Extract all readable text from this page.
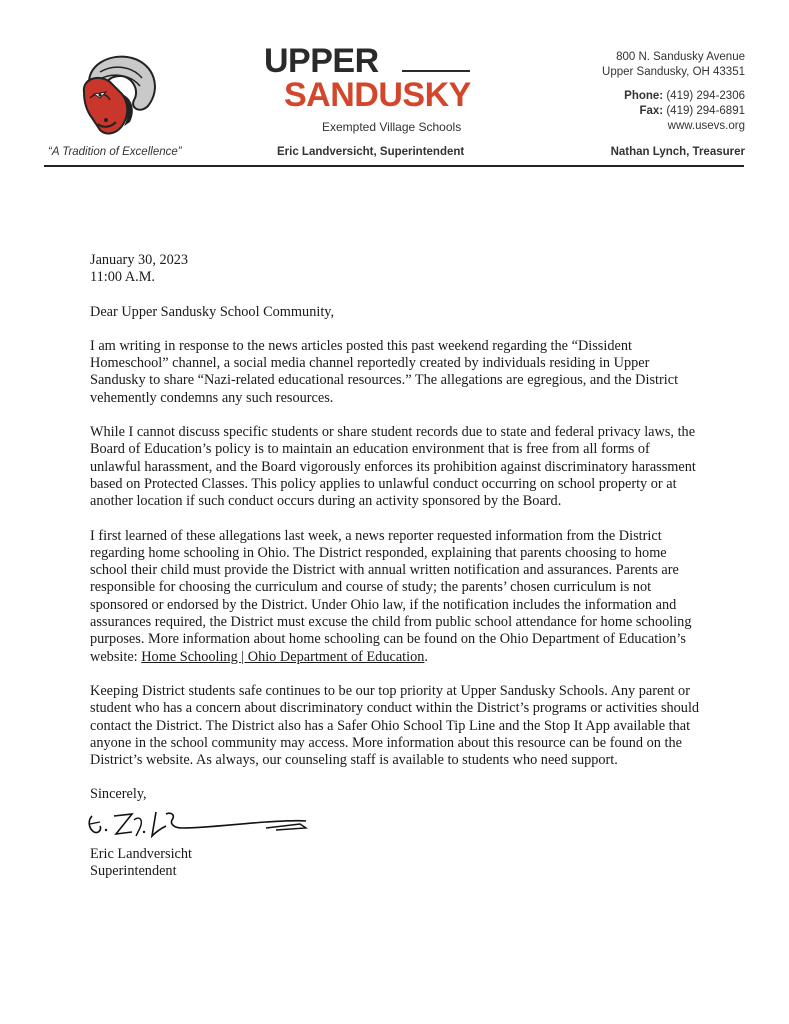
UPPER
SANDUSKY
Exempted Village Schools
800 N. Sandusky Avenue
Upper Sandusky, OH 43351
Phone: (419) 294-2306
Fax: (419) 294-6891
www.usevs.org
“A Tradition of Excellence”	Eric Landversicht, Superintendent	Nathan Lynch, Treasurer

January 30, 2023
11:00 A.M.

Dear Upper Sandusky School Community,

I am writing in response to the news articles posted this past weekend regarding the “Dissident Homeschool” channel, a social media channel reportedly created by individuals residing in Upper Sandusky to share “Nazi-related educational resources.” The allegations are egregious, and the District vehemently condemns any such resources.

While I cannot discuss specific students or share student records due to state and federal privacy laws, the Board of Education’s policy is to maintain an education environment that is free from all forms of unlawful harassment, and the Board vigorously enforces its prohibition against discriminatory harassment based on Protected Classes. This policy applies to unlawful conduct occurring on school property or at another location if such conduct occurs during an activity sponsored by the Board.

I first learned of these allegations last week, a news reporter requested information from the District regarding home schooling in Ohio. The District responded, explaining that parents choosing to home school their child must provide the District with annual written notification and assurances. Parents are responsible for choosing the curriculum and course of study; the parents’ chosen curriculum is not sponsored or endorsed by the District. Under Ohio law, if the notification includes the information and assurances required, the District must excuse the child from public school attendance for home schooling purposes. More information about home schooling can be found on the Ohio Department of Education’s website: Home Schooling | Ohio Department of Education.

Keeping District students safe continues to be our top priority at Upper Sandusky Schools. Any parent or student who has a concern about discriminatory conduct within the District’s programs or activities should contact the District. The District also has a Safer Ohio School Tip Line and the Stop It App available that anyone in the school community may access. More information about this resource can be found on the District’s website. As always, our counseling staff is available to students who need support.

Sincerely,

Eric Landversicht

Superintendent
